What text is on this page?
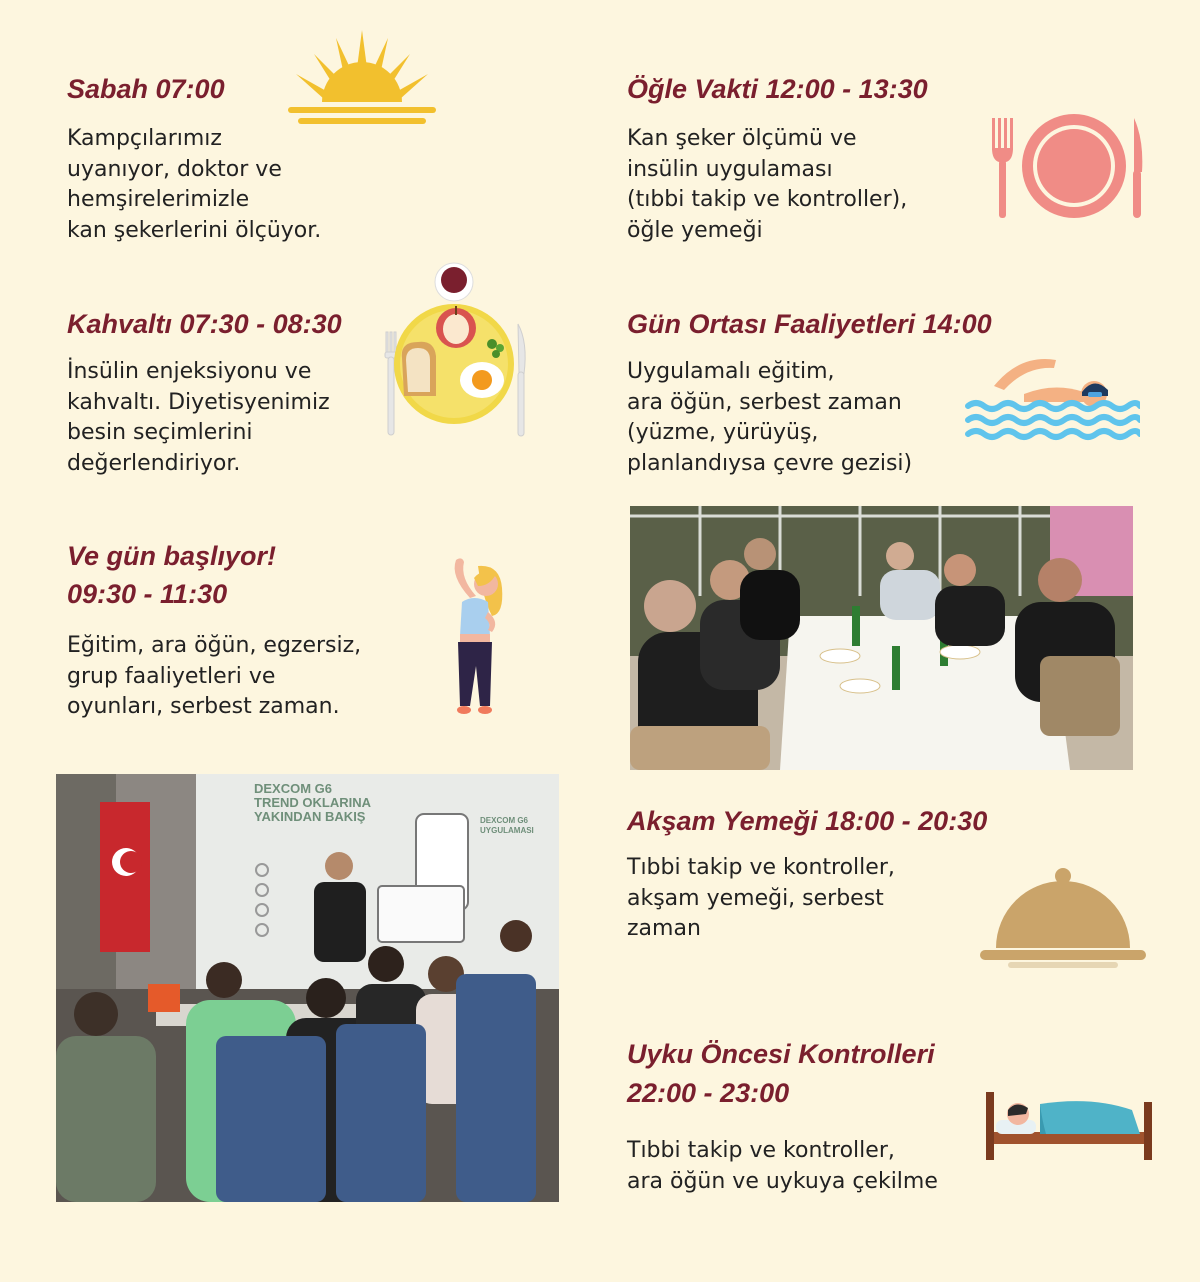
Sabah 07:00
Kampçılarımız
uyanıyor, doktor ve
hemşirelerimizle
kan şekerlerini ölçüyor.
Kahvaltı 07:30 - 08:30
İnsülin enjeksiyonu ve
kahvaltı. Diyetisyenimiz
besin seçimlerini
değerlendiriyor.
Ve gün başlıyor!
09:30 - 11:30
Eğitim, ara öğün, egzersiz,
grup faaliyetleri ve
oyunları, serbest zaman.
DEXCOM G6
TREND OKLARINA
YAKINDAN BAKIŞ	DEXCOM G6
UYGULAMASI
Öğle Vakti 12:00 - 13:30
Kan şeker ölçümü ve
insülin uygulaması
(tıbbi takip ve kontroller),
öğle yemeği
Gün Ortası Faaliyetleri 14:00
Uygulamalı eğitim,
ara öğün, serbest zaman
(yüzme, yürüyüş,
planlandıysa çevre gezisi)
Akşam Yemeği 18:00 - 20:30
Tıbbi takip ve kontroller,
akşam yemeği, serbest
zaman
Uyku Öncesi Kontrolleri
22:00 - 23:00
Tıbbi takip ve kontroller,
ara öğün ve uykuya çekilme
